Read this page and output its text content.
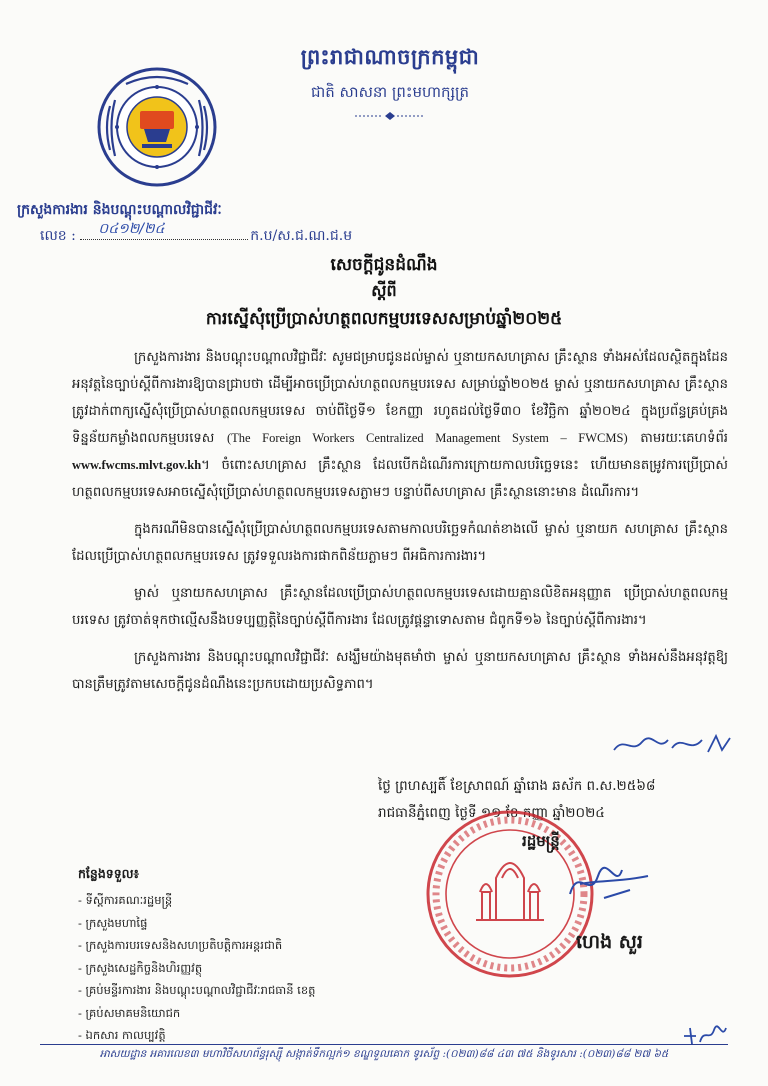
ព្រះរាជាណាចក្រកម្ពុជា
ជាតិ សាសនា ព្រះមហាក្សត្រ
ក្រសួងការងារ និងបណ្តុះបណ្តាលវិជ្ជាជីវៈ
លេខ : ០៤១២/២៤	ក.ប/ស.ជ.ណ.ជ.ម
សេចក្តីជូនដំណឹង
ស្តីពី
ការស្នើសុំប្រើប្រាស់ហត្ថពលកម្មបរទេសសម្រាប់ឆ្នាំ២០២៥

ក្រសួងការងារ និងបណ្តុះបណ្តាលវិជ្ជាជីវៈ សូមជម្រាបជូនដល់ម្ចាស់ ឬនាយកសហគ្រាស គ្រឹះស្ថាន ទាំងអស់ដែលស្ថិតក្នុងដែនអនុវត្តនៃច្បាប់ស្តីពីការងារឱ្យបានជ្រាបថា ដើម្បីអាចប្រើប្រាស់ហត្ថពលកម្មបរទេស សម្រាប់ឆ្នាំ២០២៥ ម្ចាស់ ឬនាយកសហគ្រាស គ្រឹះស្ថានត្រូវដាក់ពាក្យស្នើសុំប្រើប្រាស់ហត្ថពលកម្មបរទេស ចាប់ពីថ្ងៃទី១ ខែកញ្ញា រហូតដល់ថ្ងៃទី៣០ ខែវិច្ឆិកា ឆ្នាំ២០២៤ ក្នុងប្រព័ន្ធគ្រប់គ្រងទិន្នន័យកម្លាំងពលកម្មបរទេស (The Foreign Workers Centralized Management System – FWCMS) តាមរយៈគេហទំព័រ www.fwcms.mlvt.gov.kh។ ចំពោះសហគ្រាស គ្រឹះស្ថាន ដែលបើកដំណើរការក្រោយកាលបរិច្ឆេទនេះ ហើយមានតម្រូវការប្រើប្រាស់ ហត្ថពលកម្មបរទេសអាចស្នើសុំប្រើប្រាស់ហត្ថពលកម្មបរទេសភ្លាមៗ បន្ទាប់ពីសហគ្រាស គ្រឹះស្ថាននោះមាន ដំណើរការ។

ក្នុងករណីមិនបានស្នើសុំប្រើប្រាស់ហត្ថពលកម្មបរទេសតាមកាលបរិច្ឆេទកំណត់ខាងលើ ម្ចាស់ ឬនាយក សហគ្រាស គ្រឹះស្ថានដែលប្រើប្រាស់ហត្ថពលកម្មបរទេស ត្រូវទទួលរងការផាកពិន័យភ្លាមៗ ពីអធិការការងារ។

ម្ចាស់ ឬនាយកសហគ្រាស គ្រឹះស្ថានដែលប្រើប្រាស់ហត្ថពលកម្មបរទេសដោយគ្មានលិខិតអនុញ្ញាត ប្រើប្រាស់ហត្ថពលកម្មបរទេស ត្រូវចាត់ទុកថាល្មើសនឹងបទប្បញ្ញត្តិនៃច្បាប់ស្តីពីការងារ ដែលត្រូវផ្តន្ទាទោសតាម ជំពូកទី១៦ នៃច្បាប់ស្តីពីការងារ។

ក្រសួងការងារ និងបណ្តុះបណ្តាលវិជ្ជាជីវៈ សង្ឃឹមយ៉ាងមុតមាំថា ម្ចាស់ ឬនាយកសហគ្រាស គ្រឹះស្ថាន ទាំងអស់នឹងអនុវត្តឱ្យបានត្រឹមត្រូវតាមសេចក្តីជូនដំណឹងនេះប្រកបដោយប្រសិទ្ធភាព។

ថ្ងៃ ព្រហស្បតិ៍ ខែស្រាពណ៍ ឆ្នាំរោង ឆស័ក ព.ស.២៥៦៨
រាជធានីភ្នំពេញ ថ្ងៃទី ១១ ខែ កញ្ញា ឆ្នាំ២០២៤
រដ្ឋមន្ត្រី
ហេង សួរ
កន្លែងទទួល៖
- ទីស្តីការគណៈរដ្ឋមន្ត្រី
- ក្រសួងមហាផ្ទៃ
- ក្រសួងការបរទេសនិងសហប្រតិបត្តិការអន្តរជាតិ
- ក្រសួងសេដ្ឋកិច្ចនិងហិរញ្ញវត្ថុ
- គ្រប់មន្ទីរការងារ និងបណ្តុះបណ្តាលវិជ្ជាជីវៈរាជធានី ខេត្ត
- គ្រប់សមាគមនិយោជក
- ឯកសារ កាលប្បវត្តិ
អាសយដ្ឋាន អគារលេខ៣ មហាវិថីសហព័ន្ធរុស្ស៊ី សង្កាត់ទឹកល្អក់១ ខណ្ឌទួលគោក ទូរស័ព្ទ :(០២៣)៨៨ ៤៣ ៧៥ និងទូរសារ :(០២៣)៨៨ ២៧ ៦៥
